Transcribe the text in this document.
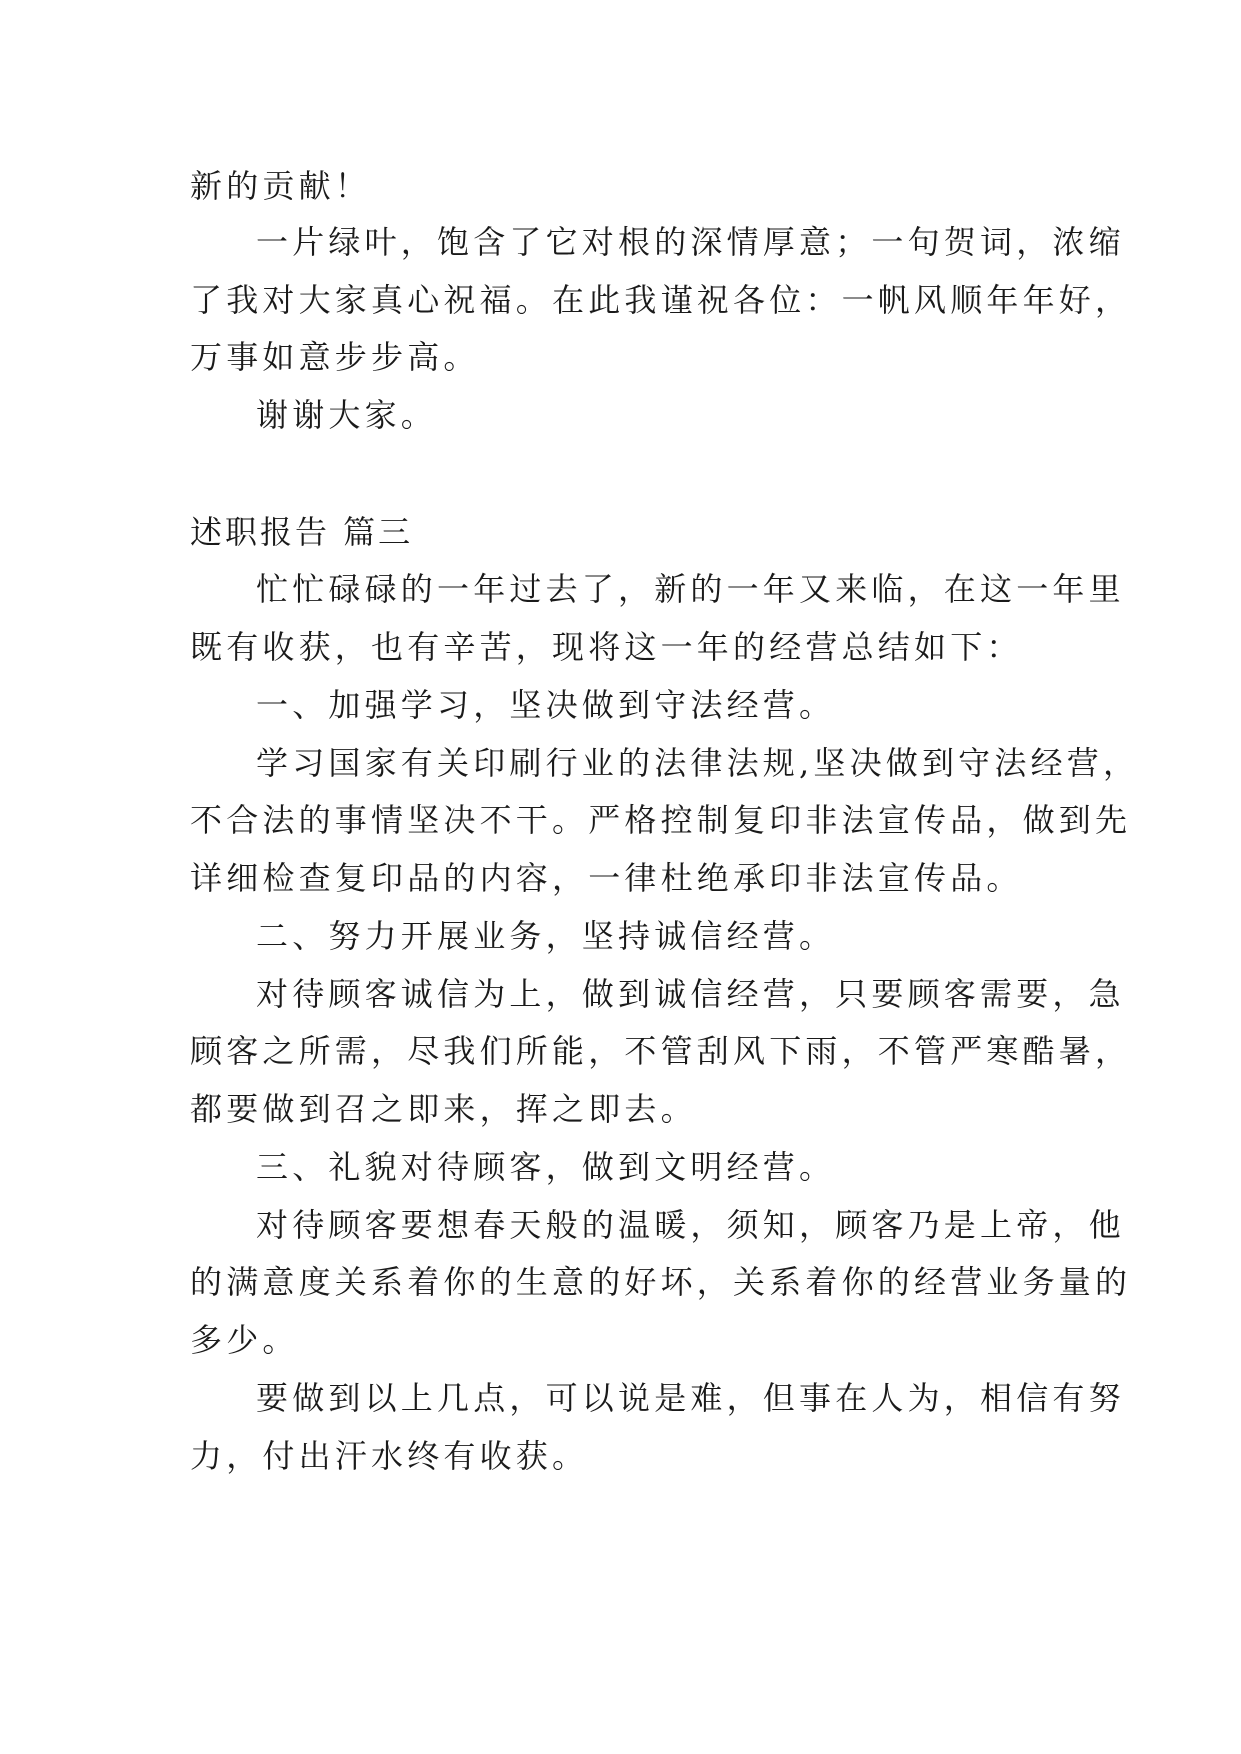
新的贡献！
一片绿叶，饱含了它对根的深情厚意；一句贺词，浓缩
了我对大家真心祝福。在此我谨祝各位：一帆风顺年年好，
万事如意步步高。
谢谢大家。
述职报告 篇三
忙忙碌碌的一年过去了，新的一年又来临，在这一年里
既有收获，也有辛苦，现将这一年的经营总结如下：
一、加强学习，坚决做到守法经营。
学习国家有关印刷行业的法律法规,坚决做到守法经营，
不合法的事情坚决不干。严格控制复印非法宣传品，做到先
详细检查复印品的内容，一律杜绝承印非法宣传品。
二、努力开展业务，坚持诚信经营。
对待顾客诚信为上，做到诚信经营，只要顾客需要，急
顾客之所需，尽我们所能，不管刮风下雨，不管严寒酷暑，
都要做到召之即来，挥之即去。
三、礼貌对待顾客，做到文明经营。
对待顾客要想春天般的温暖，须知，顾客乃是上帝，他
的满意度关系着你的生意的好坏，关系着你的经营业务量的
多少。
要做到以上几点，可以说是难，但事在人为，相信有努
力，付出汗水终有收获。
